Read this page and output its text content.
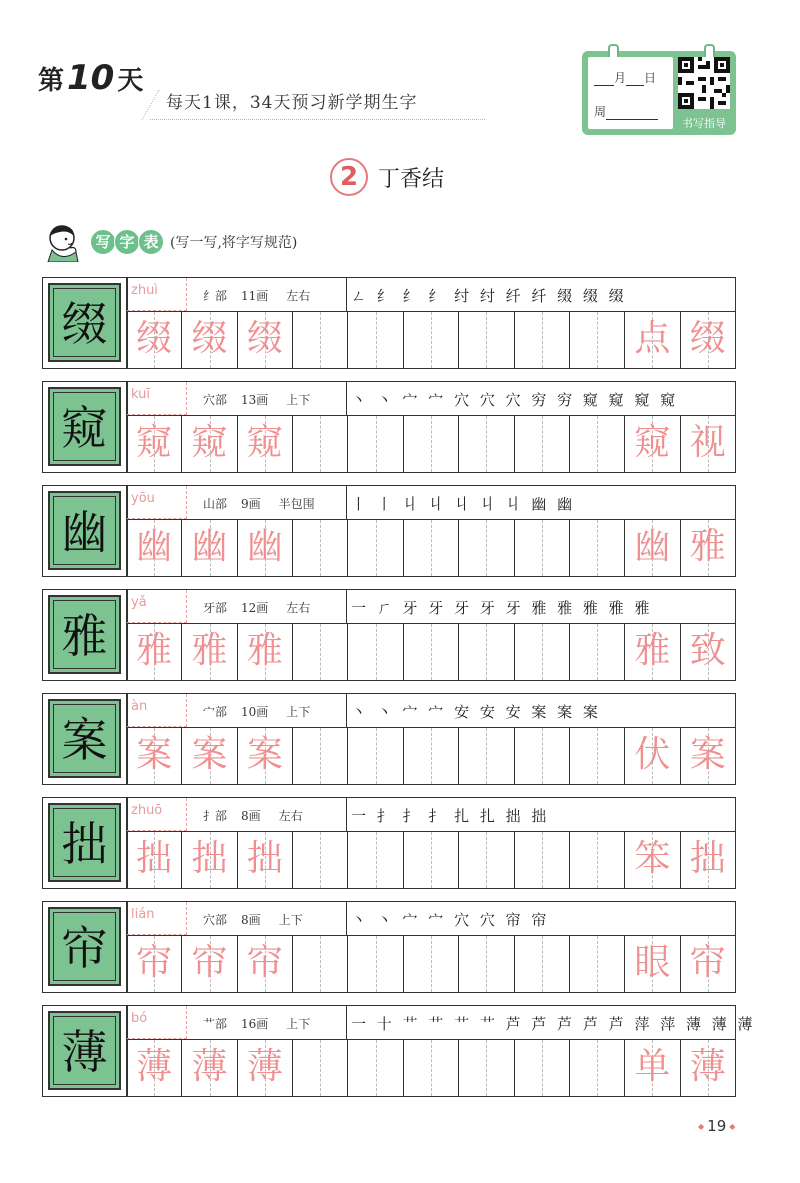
第10 天
每天1课，34天预习新学期生字
月 日
周
书写指导
2 丁香结
写 字 表 (写一写,将字写规范)
缀
zhuì	纟部 11画 左右	ㄥ 纟 纟 纟 纣 纣 纤 纤 缀 缀 缀
缀 缀 缀	点 缀
窥
kuī	穴部 13画 上下	丶 丶 宀 宀 穴 穴 穴 穷 穷 窥 窥 窥 窥
窥 窥 窥	窥 视
幽
yōu	山部 9画 半包围	丨 丨 丩 丩 丩 丩 丩 幽 幽
幽 幽 幽	幽 雅
雅
yǎ	牙部 12画 左右	一 ㄏ 牙 牙 牙 牙 牙 雅 雅 雅 雅 雅
雅 雅 雅	雅 致
案
àn	宀部 10画 上下	丶 丶 宀 宀 安 安 安 案 案 案
案 案 案	伏 案
拙
zhuō	扌部 8画 左右	一 扌 扌 扌 扎 扎 拙 拙
拙 拙 拙	笨 拙
帘
lián	穴部 8画 上下	丶 丶 宀 宀 穴 穴 帘 帘
帘 帘 帘	眼 帘
薄
bó	艹部 16画 上下	一 十 艹 艹 艹 艹 芦 芦 芦 芦 芦 萍 萍 薄 薄 薄
薄 薄 薄	单 薄
◆ 19 ◆
